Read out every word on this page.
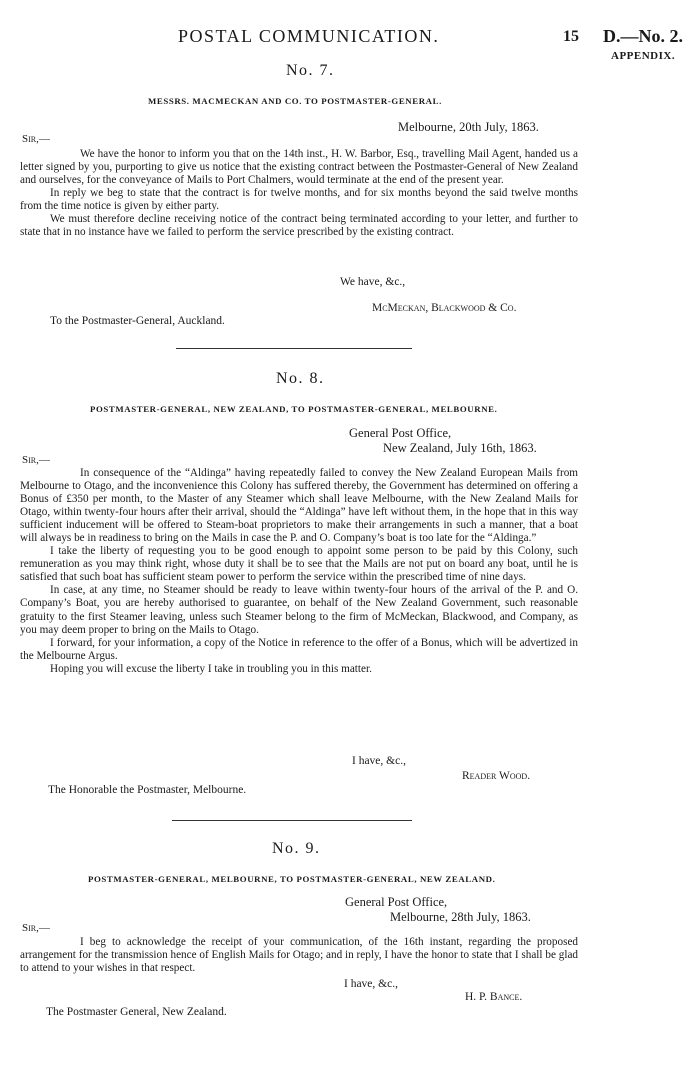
POSTAL COMMUNICATION.	15 D.—No. 2.
APPENDIX.
No. 7.
MESSRS. MACMECKAN AND CO. TO POSTMASTER-GENERAL.
Melbourne, 20th July, 1863.
Sir,—

We have the honor to inform you that on the 14th inst., H. W. Barbor, Esq., travelling Mail Agent, handed us a letter signed by you, purporting to give us notice that the existing contract between the Postmaster-General of New Zealand and ourselves, for the conveyance of Mails to Port Chalmers, would terminate at the end of the present year.

In reply we beg to state that the contract is for twelve months, and for six months beyond the said twelve months from the time notice is given by either party.

We must therefore decline receiving notice of the contract being terminated according to your letter, and further to state that in no instance have we failed to perform the service prescribed by the existing contract.

We have, &c.,
McMeckan, Blackwood & Co.
To the Postmaster-General, Auckland.
No. 8.
POSTMASTER-GENERAL, NEW ZEALAND, TO POSTMASTER-GENERAL, MELBOURNE.
General Post Office,
New Zealand, July 16th, 1863.
Sir,—

In consequence of the “Aldinga” having repeatedly failed to convey the New Zealand European Mails from Melbourne to Otago, and the inconvenience this Colony has suffered thereby, the Government has determined on offering a Bonus of £350 per month, to the Master of any Steamer which shall leave Melbourne, with the New Zealand Mails for Otago, within twenty-four hours after their arrival, should the “Aldinga” have left without them, in the hope that in this way sufficient inducement will be offered to Steam-boat proprietors to make their arrangements in such a manner, that a boat will always be in readiness to bring on the Mails in case the P. and O. Company’s boat is too late for the “Aldinga.”

I take the liberty of requesting you to be good enough to appoint some person to be paid by this Colony, such remuneration as you may think right, whose duty it shall be to see that the Mails are not put on board any boat, until he is satisfied that such boat has sufficient steam power to perform the service within the prescribed time of nine days.

In case, at any time, no Steamer should be ready to leave within twenty-four hours of the arrival of the P. and O. Company’s Boat, you are hereby authorised to guarantee, on behalf of the New Zealand Government, such reasonable gratuity to the first Steamer leaving, unless such Steamer belong to the firm of McMeckan, Blackwood, and Company, as you may deem proper to bring on the Mails to Otago.

I forward, for your information, a copy of the Notice in reference to the offer of a Bonus, which will be advertized in the Melbourne Argus.

Hoping you will excuse the liberty I take in troubling you in this matter.

I have, &c.,
Reader Wood.
The Honorable the Postmaster, Melbourne.
No. 9.
POSTMASTER-GENERAL, MELBOURNE, TO POSTMASTER-GENERAL, NEW ZEALAND.
General Post Office,
Melbourne, 28th July, 1863.
Sir,—

I beg to acknowledge the receipt of your communication, of the 16th instant, regarding the proposed arrangement for the transmission hence of English Mails for Otago; and in reply, I have the honor to state that I shall be glad to attend to your wishes in that respect.

I have, &c.,
H. P. Bance.
The Postmaster General, New Zealand.
